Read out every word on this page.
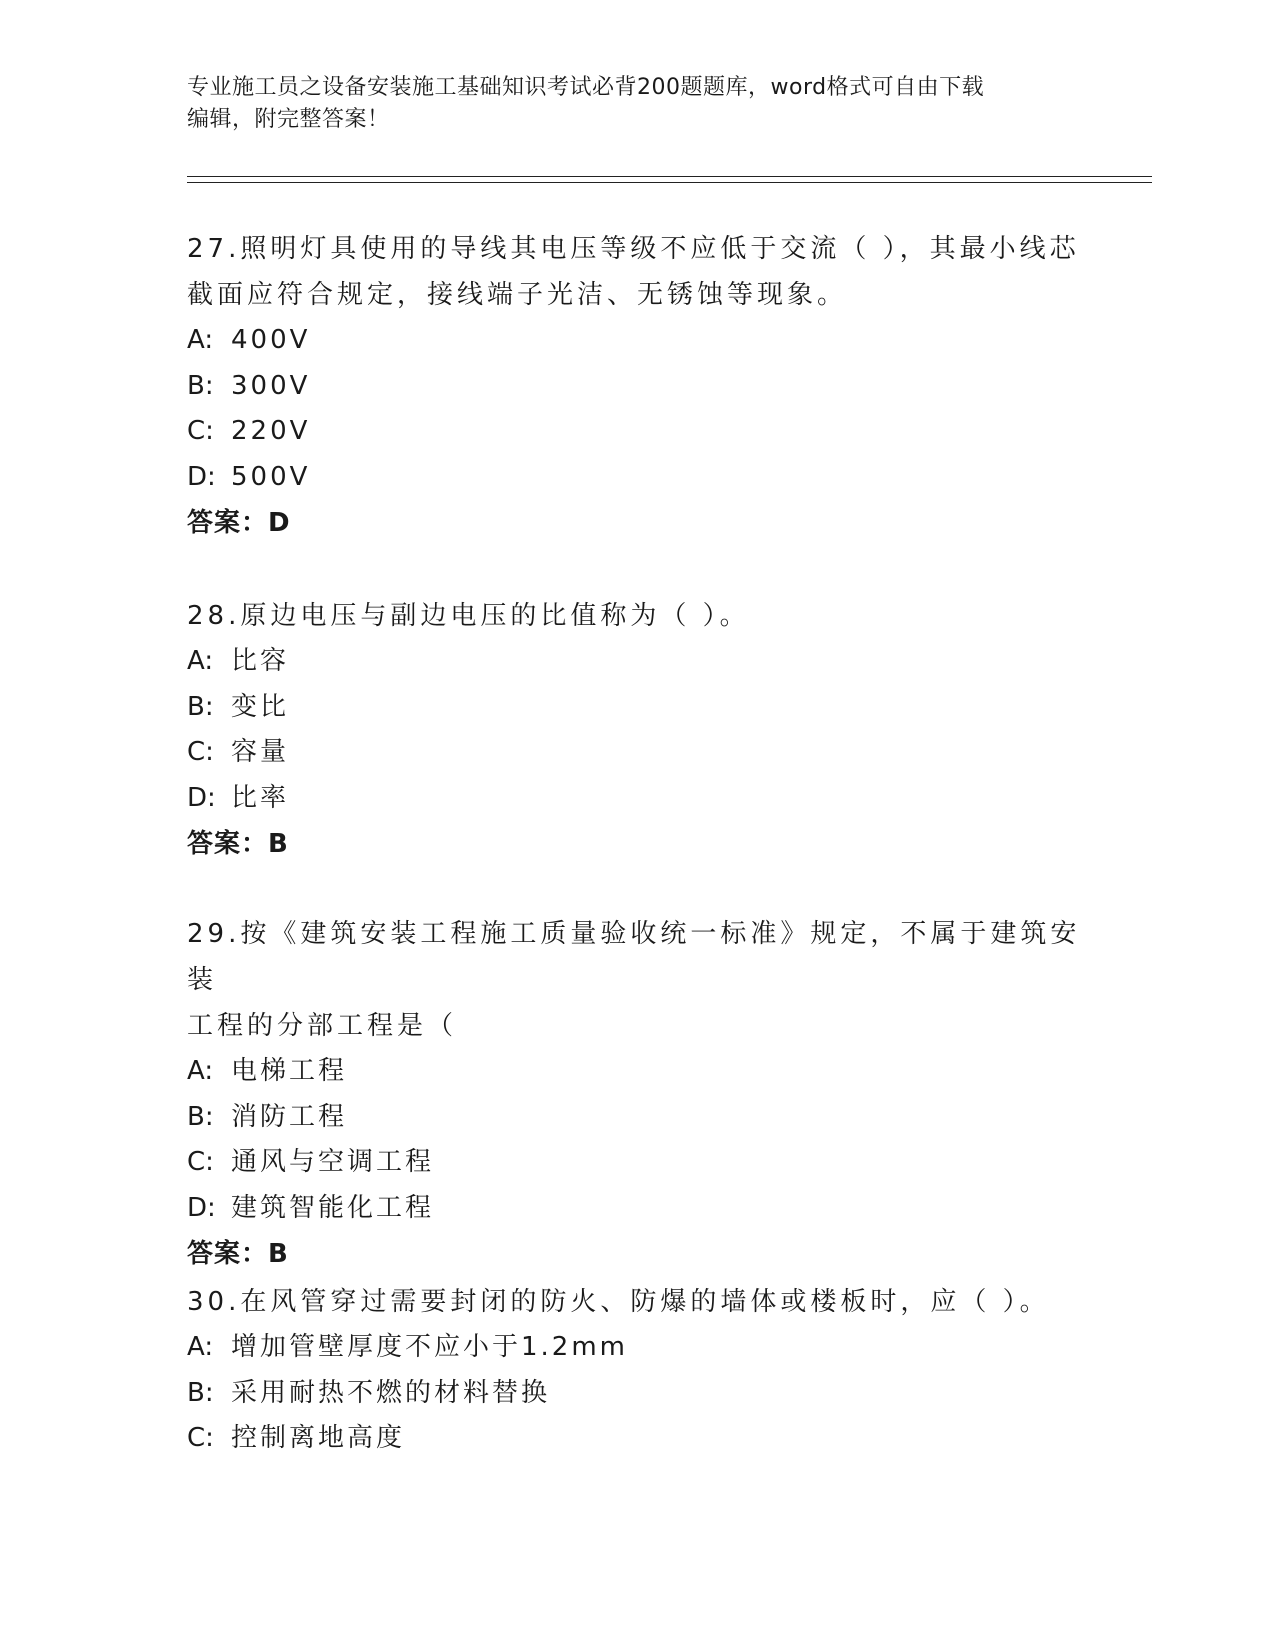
专业施工员之设备安装施工基础知识考试必背200题题库，word格式可自由下载
编辑，附完整答案！

27.照明灯具使用的导线其电压等级不应低于交流（ ），其最小线芯

截面应符合规定，接线端子光洁、无锈蚀等现象。

A: 400V

B: 300V

C: 220V

D: 500V

答案：D

28.原边电压与副边电压的比值称为（ ）。

A: 比容

B: 变比

C: 容量

D: 比率

答案：B

29.按《建筑安装工程施工质量验收统一标准》规定，不属于建筑安装

工程的分部工程是（

A: 电梯工程

B: 消防工程

C: 通风与空调工程

D: 建筑智能化工程

答案：B

30.在风管穿过需要封闭的防火、防爆的墙体或楼板时，应（ ）。

A: 增加管壁厚度不应小于1.2mm

B: 采用耐热不燃的材料替换

C: 控制离地高度
